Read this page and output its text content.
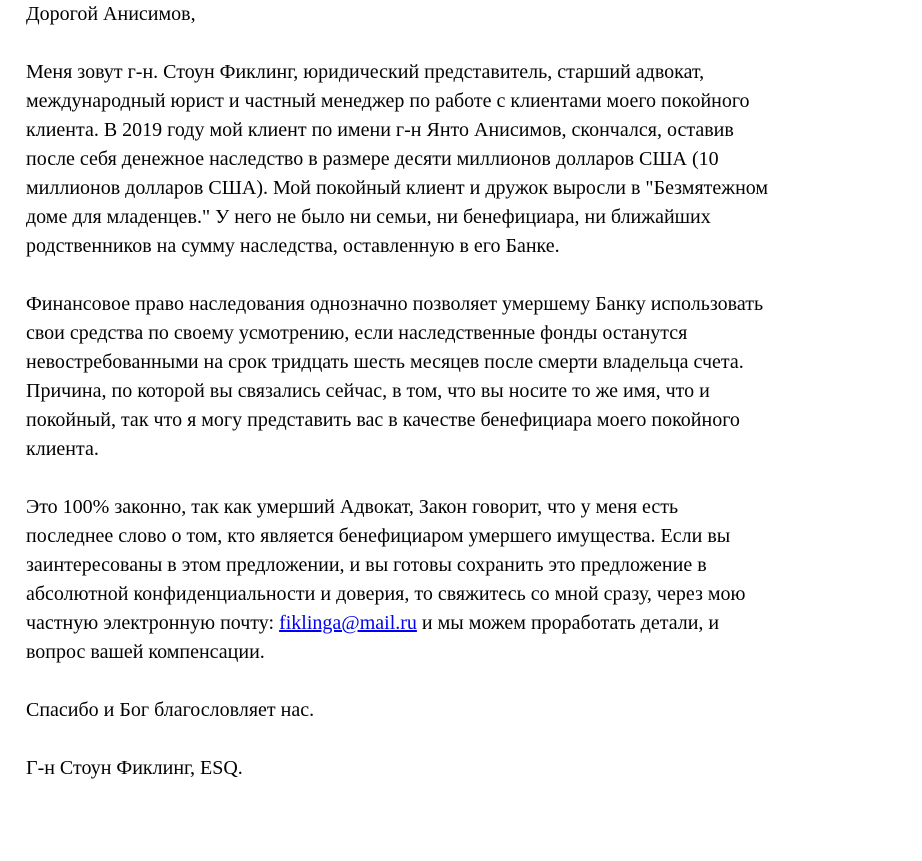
Дорогой Анисимов,
Меня зовут г-н. Стоун Фиклинг, юридический представитель, старший адвокат,
международный юрист и частный менеджер по работе с клиентами моего покойного
клиента. В 2019 году мой клиент по имени г-н Янто Анисимов, скончался, оставив
после себя денежное наследство в размере десяти миллионов долларов США (10
миллионов долларов США). Мой покойный клиент и дружок выросли в "Безмятежном
доме для младенцев." У него не было ни семьи, ни бенефициара, ни ближайших
родственников на сумму наследства, оставленную в его Банке.
Финансовое право наследования однозначно позволяет умершему Банку использовать
свои средства по своему усмотрению, если наследственные фонды останутся
невостребованными на срок тридцать шесть месяцев после смерти владельца счета.
Причина, по которой вы связались сейчас, в том, что вы носите то же имя, что и
покойный, так что я могу представить вас в качестве бенефициара моего покойного
клиента.
Это 100% законно, так как умерший Адвокат, Закон говорит, что у меня есть
последнее слово о том, кто является бенефициаром умершего имущества. Если вы
заинтересованы в этом предложении, и вы готовы сохранить это предложение в
абсолютной конфиденциальности и доверия, то свяжитесь со мной сразу, через мою
частную электронную почту: fiklinga@mail.ru и мы можем проработать детали, и
вопрос вашей компенсации.
Спасибо и Бог благословляет нас.
Г-н Стоун Фиклинг, ESQ.
